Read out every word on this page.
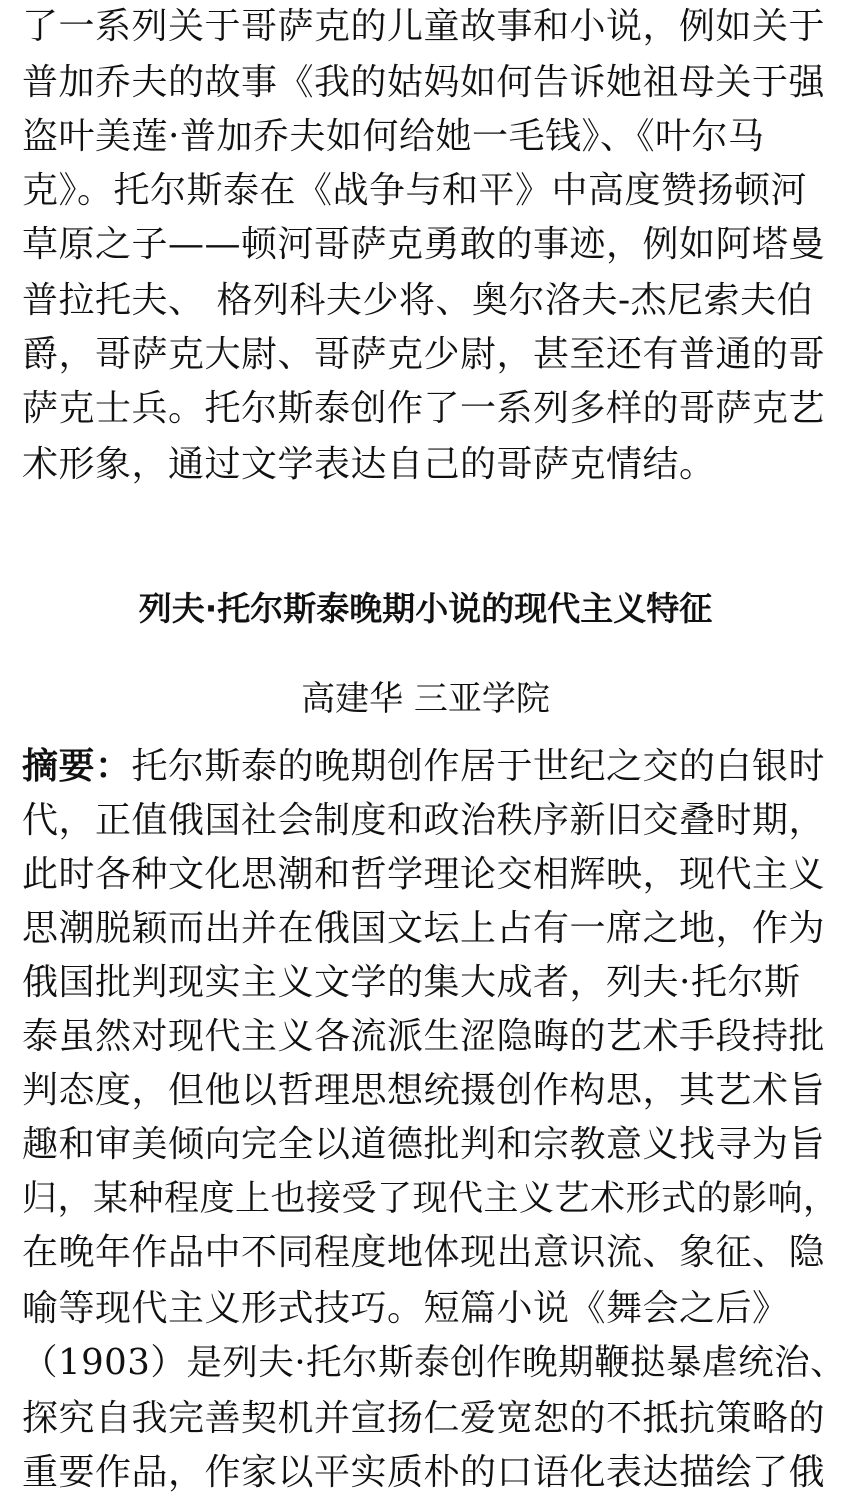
了一系列关于哥萨克的儿童故事和小说，例如关于
普加乔夫的故事《我的姑妈如何告诉她祖母关于强
盗叶美莲·普加乔夫如何给她一毛钱》、《叶尔马
克》。托尔斯泰在《战争与和平》中高度赞扬顿河
草原之子——顿河哥萨克勇敢的事迹，例如阿塔曼
普拉托夫、 格列科夫少将、奥尔洛夫-杰尼索夫伯
爵，哥萨克大尉、哥萨克少尉，甚至还有普通的哥
萨克士兵。托尔斯泰创作了一系列多样的哥萨克艺
术形象，通过文学表达自己的哥萨克情结。
列夫·托尔斯泰晚期小说的现代主义特征
高建华 三亚学院
摘要：托尔斯泰的晚期创作居于世纪之交的白银时
代，正值俄国社会制度和政治秩序新旧交叠时期，
此时各种文化思潮和哲学理论交相辉映，现代主义
思潮脱颖而出并在俄国文坛上占有一席之地，作为
俄国批判现实主义文学的集大成者，列夫·托尔斯
泰虽然对现代主义各流派生涩隐晦的艺术手段持批
判态度，但他以哲理思想统摄创作构思，其艺术旨
趣和审美倾向完全以道德批判和宗教意义找寻为旨
归，某种程度上也接受了现代主义艺术形式的影响，
在晚年作品中不同程度地体现出意识流、象征、隐
喻等现代主义形式技巧。短篇小说《舞会之后》
（1903）是列夫·托尔斯泰创作晚期鞭挞暴虐统治、
探究自我完善契机并宣扬仁爱宽恕的不抵抗策略的
重要作品，作家以平实质朴的口语化表达描绘了俄
